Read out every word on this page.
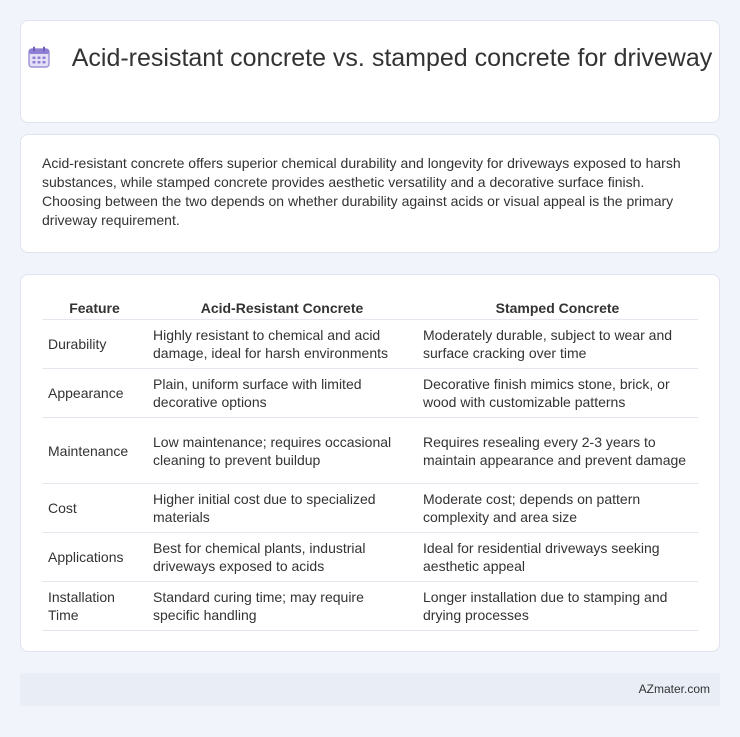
Acid-resistant concrete vs. stamped concrete for driveway

Acid-resistant concrete offers superior chemical durability and longevity for driveways exposed to harsh substances, while stamped concrete provides aesthetic versatility and a decorative surface finish. Choosing between the two depends on whether durability against acids or visual appeal is the primary driveway requirement.

Feature	Acid-Resistant Concrete	Stamped Concrete
Durability	Highly resistant to chemical and acid damage, ideal for harsh environments	Moderately durable, subject to wear and surface cracking over time
Appearance	Plain, uniform surface with limited decorative options	Decorative finish mimics stone, brick, or wood with customizable patterns
Maintenance	Low maintenance; requires occasional cleaning to prevent buildup	Requires resealing every 2-3 years to maintain appearance and prevent damage
Cost	Higher initial cost due to specialized materials	Moderate cost; depends on pattern complexity and area size
Applications	Best for chemical plants, industrial driveways exposed to acids	Ideal for residential driveways seeking aesthetic appeal
Installation Time	Standard curing time; may require specific handling	Longer installation due to stamping and drying processes
AZmater.com
